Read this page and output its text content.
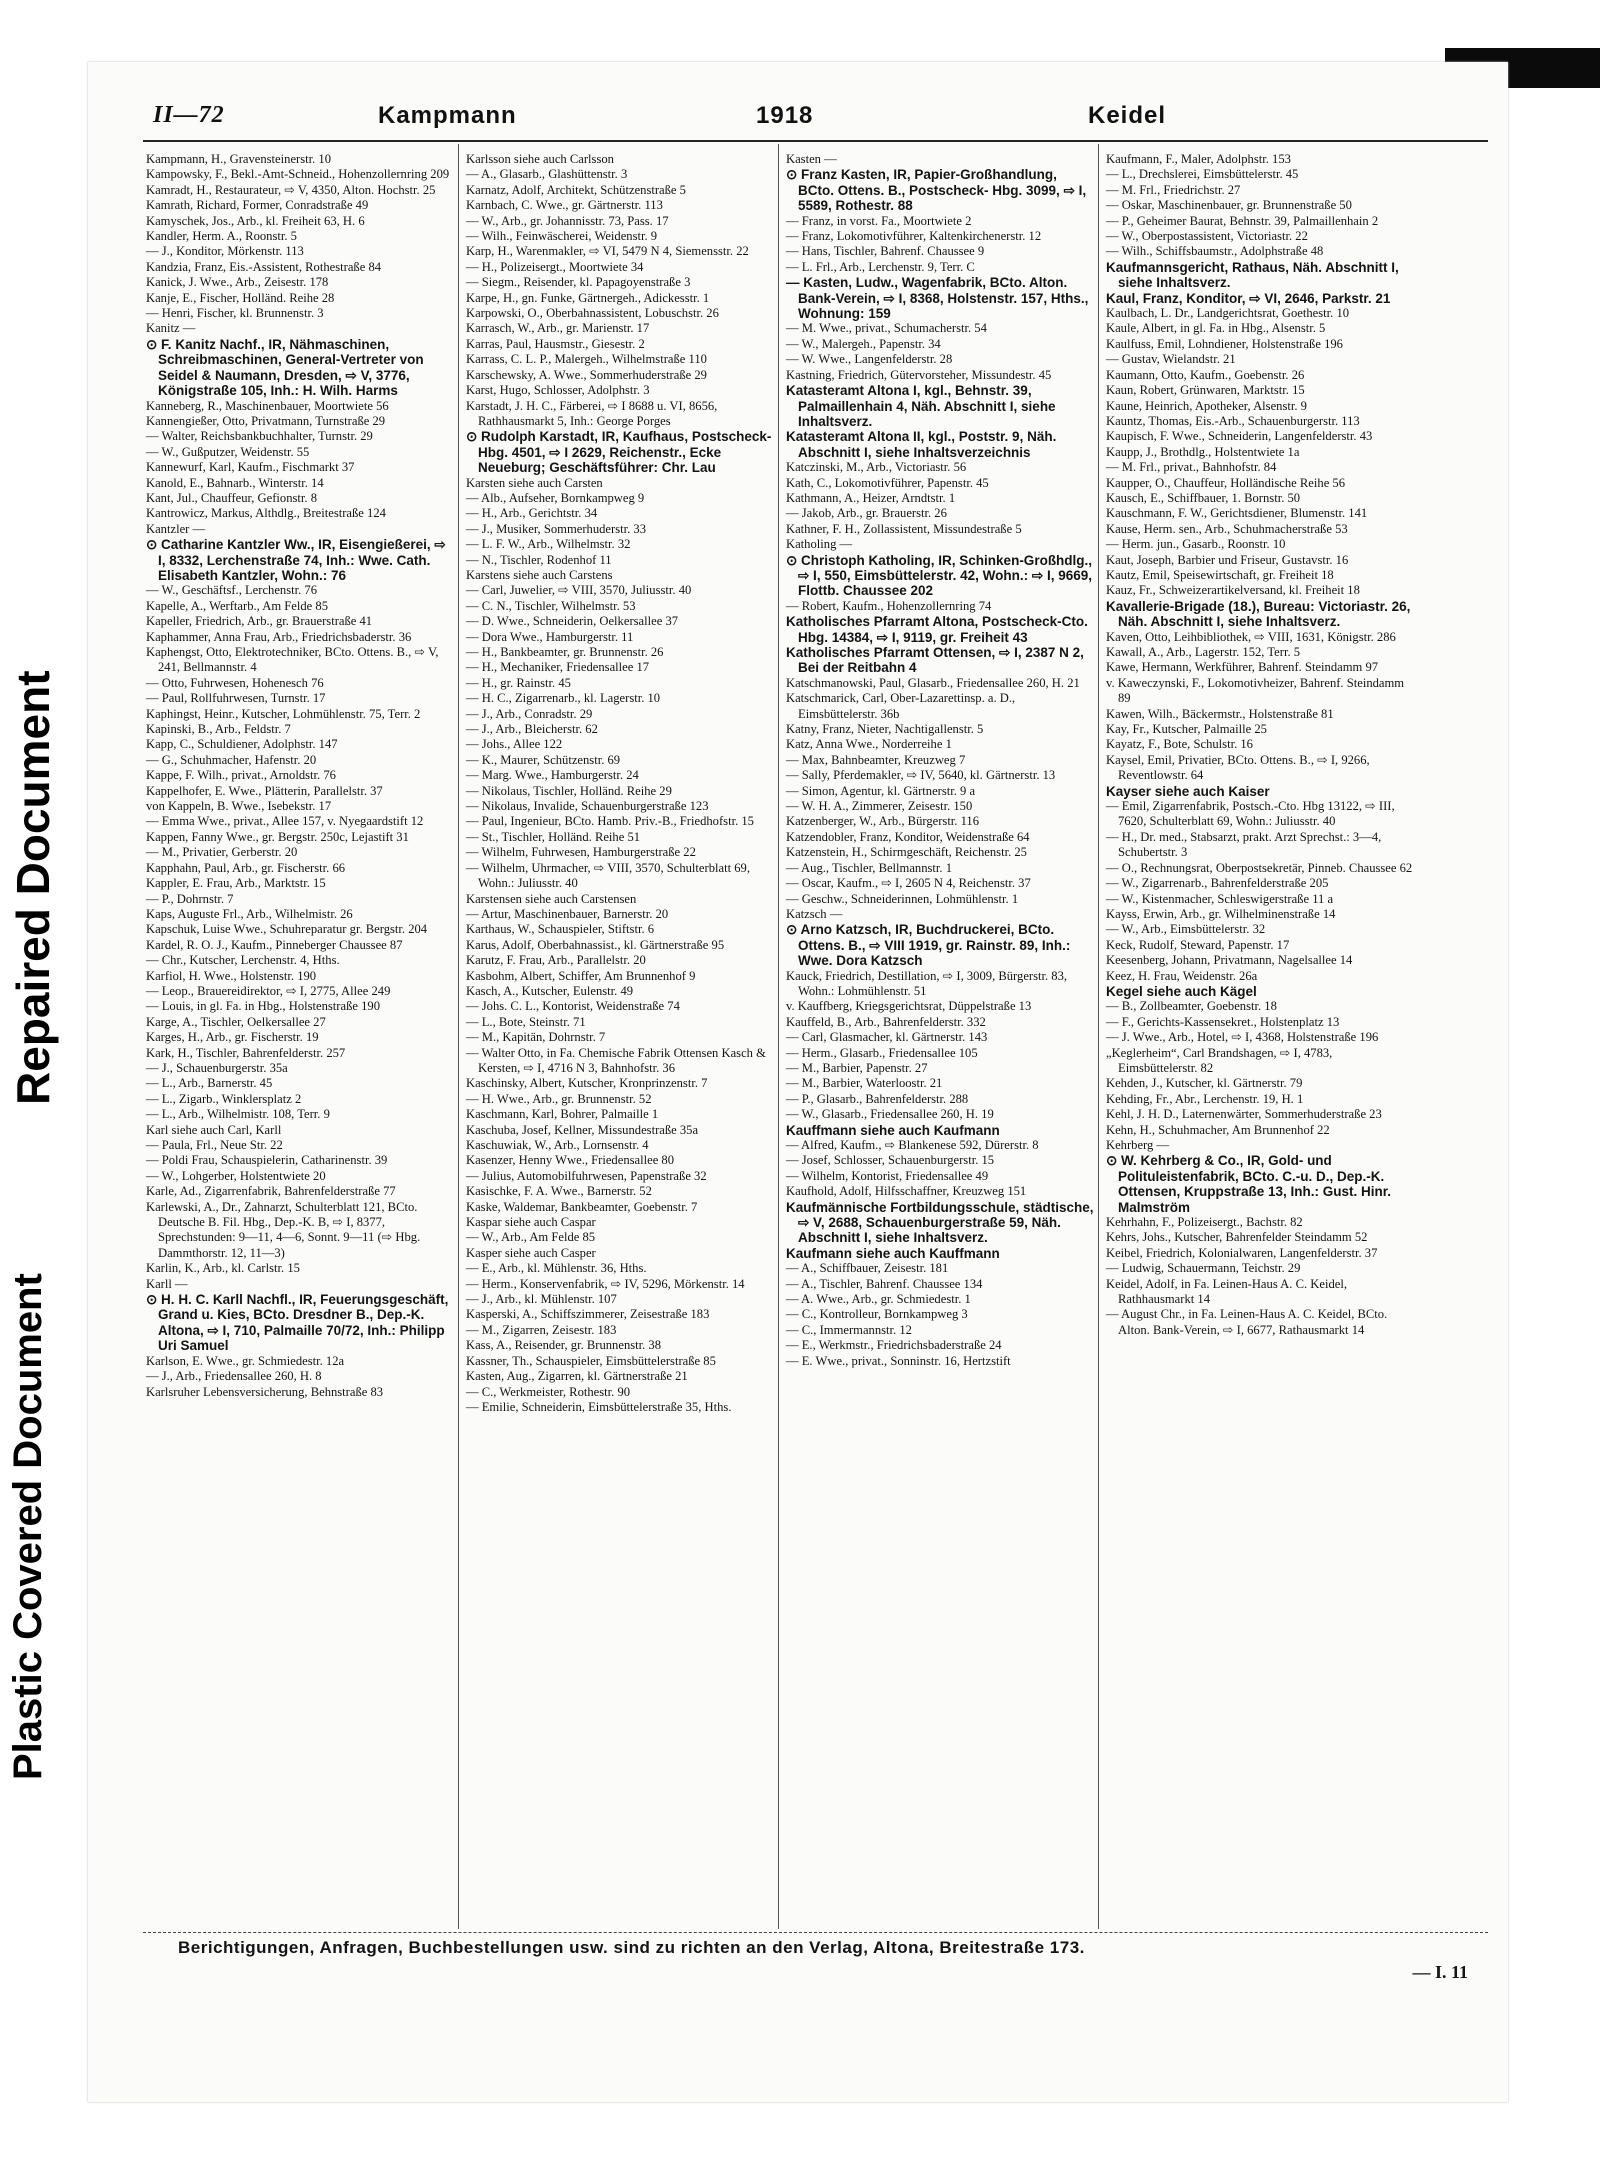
Repaired Document
Plastic Covered Document
II—72	Kampmann	1918	Keidel

Kampmann, H., Gravensteinerstr. 10

Kampowsky, F., Bekl.-Amt-Schneid., Hohenzollernring 209

Kamradt, H., Restaurateur, ⇨ V, 4350, Alton. Hochstr. 25

Kamrath, Richard, Former, Conradstraße 49

Kamyschek, Jos., Arb., kl. Freiheit 63, H. 6

Kandler, Herm. A., Roonstr. 5

— J., Konditor, Mörkenstr. 113

Kandzia, Franz, Eis.-Assistent, Rothestraße 84

Kanick, J. Wwe., Arb., Zeisestr. 178

Kanje, E., Fischer, Holländ. Reihe 28

— Henri, Fischer, kl. Brunnenstr. 3

Kanitz —

⊙ F. Kanitz Nachf., IR, Nähmaschinen, Schreibmaschinen, General-Vertreter von Seidel & Naumann, Dresden, ⇨ V, 3776, Königstraße 105, Inh.: H. Wilh. Harms

Kanneberg, R., Maschinenbauer, Moortwiete 56

Kannengießer, Otto, Privatmann, Turnstraße 29

— Walter, Reichsbankbuchhalter, Turnstr. 29

— W., Gußputzer, Weidenstr. 55

Kannewurf, Karl, Kaufm., Fischmarkt 37

Kanold, E., Bahnarb., Winterstr. 14

Kant, Jul., Chauffeur, Gefionstr. 8

Kantrowicz, Markus, Althdlg., Breitestraße 124

Kantzler —

⊙ Catharine Kantzler Ww., IR, Eisengießerei, ⇨ I, 8332, Lerchenstraße 74, Inh.: Wwe. Cath. Elisabeth Kantzler, Wohn.: 76

— W., Geschäftsf., Lerchenstr. 76

Kapelle, A., Werftarb., Am Felde 85

Kapeller, Friedrich, Arb., gr. Brauerstraße 41

Kaphammer, Anna Frau, Arb., Friedrichsbaderstr. 36

Kaphengst, Otto, Elektrotechniker, BCto. Ottens. B., ⇨ V, 241, Bellmannstr. 4

— Otto, Fuhrwesen, Hohenesch 76

— Paul, Rollfuhrwesen, Turnstr. 17

Kaphingst, Heinr., Kutscher, Lohmühlenstr. 75, Terr. 2

Kapinski, B., Arb., Feldstr. 7

Kapp, C., Schuldiener, Adolphstr. 147

— G., Schuhmacher, Hafenstr. 20

Kappe, F. Wilh., privat., Arnoldstr. 76

Kappelhofer, E. Wwe., Plätterin, Parallelstr. 37

von Kappeln, B. Wwe., Isebekstr. 17

— Emma Wwe., privat., Allee 157, v. Nyegaardstift 12

Kappen, Fanny Wwe., gr. Bergstr. 250c, Lejastift 31

— M., Privatier, Gerberstr. 20

Kapphahn, Paul, Arb., gr. Fischerstr. 66

Kappler, E. Frau, Arb., Marktstr. 15

— P., Dohrnstr. 7

Kaps, Auguste Frl., Arb., Wilhelmistr. 26

Kapschuk, Luise Wwe., Schuhreparatur gr. Bergstr. 204

Kardel, R. O. J., Kaufm., Pinneberger Chaussee 87

— Chr., Kutscher, Lerchenstr. 4, Hths.

Karfiol, H. Wwe., Holstenstr. 190

— Leop., Brauereidirektor, ⇨ I, 2775, Allee 249

— Louis, in gl. Fa. in Hbg., Holstenstraße 190

Karge, A., Tischler, Oelkersallee 27

Karges, H., Arb., gr. Fischerstr. 19

Kark, H., Tischler, Bahrenfelderstr. 257

— J., Schauenburgerstr. 35a

— L., Arb., Barnerstr. 45

— L., Zigarb., Winklersplatz 2

— L., Arb., Wilhelmistr. 108, Terr. 9

Karl siehe auch Carl, Karll

— Paula, Frl., Neue Str. 22

— Poldi Frau, Schauspielerin, Catharinenstr. 39

— W., Lohgerber, Holstentwiete 20

Karle, Ad., Zigarrenfabrik, Bahrenfelderstraße 77

Karlewski, A., Dr., Zahnarzt, Schulterblatt 121, BCto. Deutsche B. Fil. Hbg., Dep.-K. B, ⇨ I, 8377, Sprechstunden: 9—11, 4—6, Sonnt. 9—11 (⇨ Hbg. Dammthorstr. 12, 11—3)

Karlin, K., Arb., kl. Carlstr. 15

Karll —

⊙ H. H. C. Karll Nachfl., IR, Feuerungsgeschäft, Grand u. Kies, BCto. Dresdner B., Dep.-K. Altona, ⇨ I, 710, Palmaille 70/72, Inh.: Philipp Uri Samuel

Karlson, E. Wwe., gr. Schmiedestr. 12a

— J., Arb., Friedensallee 260, H. 8

Karlsruher Lebensversicherung, Behnstraße 83

Karlsson siehe auch Carlsson

— A., Glasarb., Glashüttenstr. 3

Karnatz, Adolf, Architekt, Schützenstraße 5

Karnbach, C. Wwe., gr. Gärtnerstr. 113

— W., Arb., gr. Johannisstr. 73, Pass. 17

— Wilh., Feinwäscherei, Weidenstr. 9

Karp, H., Warenmakler, ⇨ VI, 5479 N 4, Siemensstr. 22

— H., Polizeisergt., Moortwiete 34

— Siegm., Reisender, kl. Papagoyenstraße 3

Karpe, H., gn. Funke, Gärtnergeh., Adickesstr. 1

Karpowski, O., Oberbahnassistent, Lobuschstr. 26

Karrasch, W., Arb., gr. Marienstr. 17

Karras, Paul, Hausmstr., Giesestr. 2

Karrass, C. L. P., Malergeh., Wilhelmstraße 110

Karschewsky, A. Wwe., Sommerhuderstraße 29

Karst, Hugo, Schlosser, Adolphstr. 3

Karstadt, J. H. C., Färberei, ⇨ I 8688 u. VI, 8656, Rathhausmarkt 5, Inh.: George Porges

⊙ Rudolph Karstadt, IR, Kaufhaus, Postscheck- Hbg. 4501, ⇨ I 2629, Reichenstr., Ecke Neueburg; Geschäftsführer: Chr. Lau

Karsten siehe auch Carsten

— Alb., Aufseher, Bornkampweg 9

— H., Arb., Gerichtstr. 34

— J., Musiker, Sommerhuderstr. 33

— L. F. W., Arb., Wilhelmstr. 32

— N., Tischler, Rodenhof 11

Karstens siehe auch Carstens

— Carl, Juwelier, ⇨ VIII, 3570, Juliusstr. 40

— C. N., Tischler, Wilhelmstr. 53

— D. Wwe., Schneiderin, Oelkersallee 37

— Dora Wwe., Hamburgerstr. 11

— H., Bankbeamter, gr. Brunnenstr. 26

— H., Mechaniker, Friedensallee 17

— H., gr. Rainstr. 45

— H. C., Zigarrenarb., kl. Lagerstr. 10

— J., Arb., Conradstr. 29

— J., Arb., Bleicherstr. 62

— Johs., Allee 122

— K., Maurer, Schützenstr. 69

— Marg. Wwe., Hamburgerstr. 24

— Nikolaus, Tischler, Holländ. Reihe 29

— Nikolaus, Invalide, Schauenburgerstraße 123

— Paul, Ingenieur, BCto. Hamb. Priv.-B., Friedhofstr. 15

— St., Tischler, Holländ. Reihe 51

— Wilhelm, Fuhrwesen, Hamburgerstraße 22

— Wilhelm, Uhrmacher, ⇨ VIII, 3570, Schulterblatt 69, Wohn.: Juliusstr. 40

Karstensen siehe auch Carstensen

— Artur, Maschinenbauer, Barnerstr. 20

Karthaus, W., Schauspieler, Stiftstr. 6

Karus, Adolf, Oberbahnassist., kl. Gärtnerstraße 95

Karutz, F. Frau, Arb., Parallelstr. 20

Kasbohm, Albert, Schiffer, Am Brunnenhof 9

Kasch, A., Kutscher, Eulenstr. 49

— Johs. C. L., Kontorist, Weidenstraße 74

— L., Bote, Steinstr. 71

— M., Kapitän, Dohrnstr. 7

— Walter Otto, in Fa. Chemische Fabrik Ottensen Kasch & Kersten, ⇨ I, 4716 N 3, Bahnhofstr. 36

Kaschinsky, Albert, Kutscher, Kronprinzenstr. 7

— H. Wwe., Arb., gr. Brunnenstr. 52

Kaschmann, Karl, Bohrer, Palmaille 1

Kaschuba, Josef, Kellner, Missundestraße 35a

Kaschuwiak, W., Arb., Lornsenstr. 4

Kasenzer, Henny Wwe., Friedensallee 80

— Julius, Automobilfuhrwesen, Papenstraße 32

Kasischke, F. A. Wwe., Barnerstr. 52

Kaske, Waldemar, Bankbeamter, Goebenstr. 7

Kaspar siehe auch Caspar

— W., Arb., Am Felde 85

Kasper siehe auch Casper

— E., Arb., kl. Mühlenstr. 36, Hths.

— Herm., Konservenfabrik, ⇨ IV, 5296, Mörkenstr. 14

— J., Arb., kl. Mühlenstr. 107

Kasperski, A., Schiffszimmerer, Zeisestraße 183

— M., Zigarren, Zeisestr. 183

Kass, A., Reisender, gr. Brunnenstr. 38

Kassner, Th., Schauspieler, Eimsbüttelerstraße 85

Kasten, Aug., Zigarren, kl. Gärtnerstraße 21

— C., Werkmeister, Rothestr. 90

— Emilie, Schneiderin, Eimsbüttelerstraße 35, Hths.

Kasten —

⊙ Franz Kasten, IR, Papier-Großhandlung, BCto. Ottens. B., Postscheck- Hbg. 3099, ⇨ I, 5589, Rothestr. 88

— Franz, in vorst. Fa., Moortwiete 2

— Franz, Lokomotivführer, Kaltenkirchenerstr. 12

— Hans, Tischler, Bahrenf. Chaussee 9

— L. Frl., Arb., Lerchenstr. 9, Terr. C

— Kasten, Ludw., Wagenfabrik, BCto. Alton. Bank-Verein, ⇨ I, 8368, Holstenstr. 157, Hths., Wohnung: 159

— M. Wwe., privat., Schumacherstr. 54

— W., Malergeh., Papenstr. 34

— W. Wwe., Langenfelderstr. 28

Kastning, Friedrich, Gütervorsteher, Missundestr. 45

Katasteramt Altona I, kgl., Behnstr. 39, Palmaillenhain 4, Näh. Abschnitt I, siehe Inhaltsverz.

Katasteramt Altona II, kgl., Poststr. 9, Näh. Abschnitt I, siehe Inhaltsverzeichnis

Katczinski, M., Arb., Victoriastr. 56

Kath, C., Lokomotivführer, Papenstr. 45

Kathmann, A., Heizer, Arndtstr. 1

— Jakob, Arb., gr. Brauerstr. 26

Kathner, F. H., Zollassistent, Missundestraße 5

Katholing —

⊙ Christoph Katholing, IR, Schinken-Großhdlg., ⇨ I, 550, Eimsbüttelerstr. 42, Wohn.: ⇨ I, 9669, Flottb. Chaussee 202

— Robert, Kaufm., Hohenzollernring 74

Katholisches Pfarramt Altona, Postscheck-Cto. Hbg. 14384, ⇨ I, 9119, gr. Freiheit 43

Katholisches Pfarramt Ottensen, ⇨ I, 2387 N 2, Bei der Reitbahn 4

Katschmanowski, Paul, Glasarb., Friedensallee 260, H. 21

Katschmarick, Carl, Ober-Lazarettinsp. a. D., Eimsbüttelerstr. 36b

Katny, Franz, Nieter, Nachtigallenstr. 5

Katz, Anna Wwe., Norderreihe 1

— Max, Bahnbeamter, Kreuzweg 7

— Sally, Pferdemakler, ⇨ IV, 5640, kl. Gärtnerstr. 13

— Simon, Agentur, kl. Gärtnerstr. 9 a

— W. H. A., Zimmerer, Zeisestr. 150

Katzenberger, W., Arb., Bürgerstr. 116

Katzendobler, Franz, Konditor, Weidenstraße 64

Katzenstein, H., Schirmgeschäft, Reichenstr. 25

— Aug., Tischler, Bellmannstr. 1

— Oscar, Kaufm., ⇨ I, 2605 N 4, Reichenstr. 37

— Geschw., Schneiderinnen, Lohmühlenstr. 1

Katzsch —

⊙ Arno Katzsch, IR, Buchdruckerei, BCto. Ottens. B., ⇨ VIII 1919, gr. Rainstr. 89, Inh.: Wwe. Dora Katzsch

Kauck, Friedrich, Destillation, ⇨ I, 3009, Bürgerstr. 83, Wohn.: Lohmühlenstr. 51

v. Kauffberg, Kriegsgerichtsrat, Düppelstraße 13

Kauffeld, B., Arb., Bahrenfelderstr. 332

— Carl, Glasmacher, kl. Gärtnerstr. 143

— Herm., Glasarb., Friedensallee 105

— M., Barbier, Papenstr. 27

— M., Barbier, Waterloostr. 21

— P., Glasarb., Bahrenfelderstr. 288

— W., Glasarb., Friedensallee 260, H. 19

Kauffmann siehe auch Kaufmann

— Alfred, Kaufm., ⇨ Blankenese 592, Dürerstr. 8

— Josef, Schlosser, Schauenburgerstr. 15

— Wilhelm, Kontorist, Friedensallee 49

Kaufhold, Adolf, Hilfsschaffner, Kreuzweg 151

Kaufmännische Fortbildungsschule, städtische, ⇨ V, 2688, Schauenburgerstraße 59, Näh. Abschnitt I, siehe Inhaltsverz.

Kaufmann siehe auch Kauffmann

— A., Schiffbauer, Zeisestr. 181

— A., Tischler, Bahrenf. Chaussee 134

— A. Wwe., Arb., gr. Schmiedestr. 1

— C., Kontrolleur, Bornkampweg 3

— C., Immermannstr. 12

— E., Werkmstr., Friedrichsbaderstraße 24

— E. Wwe., privat., Sonninstr. 16, Hertzstift

Kaufmann, F., Maler, Adolphstr. 153

— L., Drechslerei, Eimsbüttelerstr. 45

— M. Frl., Friedrichstr. 27

— Oskar, Maschinenbauer, gr. Brunnenstraße 50

— P., Geheimer Baurat, Behnstr. 39, Palmaillenhain 2

— W., Oberpostassistent, Victoriastr. 22

— Wilh., Schiffsbaumstr., Adolphstraße 48

Kaufmannsgericht, Rathaus, Näh. Abschnitt I, siehe Inhaltsverz.

Kaul, Franz, Konditor, ⇨ VI, 2646, Parkstr. 21

Kaulbach, L. Dr., Landgerichtsrat, Goethestr. 10

Kaule, Albert, in gl. Fa. in Hbg., Alsenstr. 5

Kaulfuss, Emil, Lohndiener, Holstenstraße 196

— Gustav, Wielandstr. 21

Kaumann, Otto, Kaufm., Goebenstr. 26

Kaun, Robert, Grünwaren, Marktstr. 15

Kaune, Heinrich, Apotheker, Alsenstr. 9

Kauntz, Thomas, Eis.-Arb., Schauenburgerstr. 113

Kaupisch, F. Wwe., Schneiderin, Langenfelderstr. 43

Kaupp, J., Brothdlg., Holstentwiete 1a

— M. Frl., privat., Bahnhofstr. 84

Kaupper, O., Chauffeur, Holländische Reihe 56

Kausch, E., Schiffbauer, 1. Bornstr. 50

Kauschmann, F. W., Gerichtsdiener, Blumenstr. 141

Kause, Herm. sen., Arb., Schuhmacherstraße 53

— Herm. jun., Gasarb., Roonstr. 10

Kaut, Joseph, Barbier und Friseur, Gustavstr. 16

Kautz, Emil, Speisewirtschaft, gr. Freiheit 18

Kauz, Fr., Schweizerartikelversand, kl. Freiheit 18

Kavallerie-Brigade (18.), Bureau: Victoriastr. 26, Näh. Abschnitt I, siehe Inhaltsverz.

Kaven, Otto, Leihbibliothek, ⇨ VIII, 1631, Königstr. 286

Kawall, A., Arb., Lagerstr. 152, Terr. 5

Kawe, Hermann, Werkführer, Bahrenf. Steindamm 97

v. Kaweczynski, F., Lokomotivheizer, Bahrenf. Steindamm 89

Kawen, Wilh., Bäckermstr., Holstenstraße 81

Kay, Fr., Kutscher, Palmaille 25

Kayatz, F., Bote, Schulstr. 16

Kaysel, Emil, Privatier, BCto. Ottens. B., ⇨ I, 9266, Reventlowstr. 64

Kayser siehe auch Kaiser

— Emil, Zigarrenfabrik, Postsch.-Cto. Hbg 13122, ⇨ III, 7620, Schulterblatt 69, Wohn.: Juliusstr. 40

— H., Dr. med., Stabsarzt, prakt. Arzt Sprechst.: 3—4, Schubertstr. 3

— O., Rechnungsrat, Oberpostsekretär, Pinneb. Chaussee 62

— W., Zigarrenarb., Bahrenfelderstraße 205

— W., Kistenmacher, Schleswigerstraße 11 a

Kayss, Erwin, Arb., gr. Wilhelminenstraße 14

— W., Arb., Eimsbüttelerstr. 32

Keck, Rudolf, Steward, Papenstr. 17

Keesenberg, Johann, Privatmann, Nagelsallee 14

Keez, H. Frau, Weidenstr. 26a

Kegel siehe auch Kägel

— B., Zollbeamter, Goebenstr. 18

— F., Gerichts-Kassensekret., Holstenplatz 13

— J. Wwe., Arb., Hotel, ⇨ I, 4368, Holstenstraße 196

„Keglerheim“, Carl Brandshagen, ⇨ I, 4783, Eimsbüttelerstr. 82

Kehden, J., Kutscher, kl. Gärtnerstr. 79

Kehding, Fr., Abr., Lerchenstr. 19, H. 1

Kehl, J. H. D., Laternenwärter, Sommerhuderstraße 23

Kehn, H., Schuhmacher, Am Brunnenhof 22

Kehrberg —

⊙ W. Kehrberg & Co., IR, Gold- und Polituleistenfabrik, BCto. C.-u. D., Dep.-K. Ottensen, Kruppstraße 13, Inh.: Gust. Hinr. Malmström

Kehrhahn, F., Polizeisergt., Bachstr. 82

Kehrs, Johs., Kutscher, Bahrenfelder Steindamm 52

Keibel, Friedrich, Kolonialwaren, Langenfelderstr. 37

— Ludwig, Schauermann, Teichstr. 29

Keidel, Adolf, in Fa. Leinen-Haus A. C. Keidel, Rathhausmarkt 14

— August Chr., in Fa. Leinen-Haus A. C. Keidel, BCto. Alton. Bank-Verein, ⇨ I, 6677, Rathausmarkt 14

Berichtigungen, Anfragen, Buchbestellungen usw. sind zu richten an den Verlag, Altona, Breitestraße 173.
— I. 11
